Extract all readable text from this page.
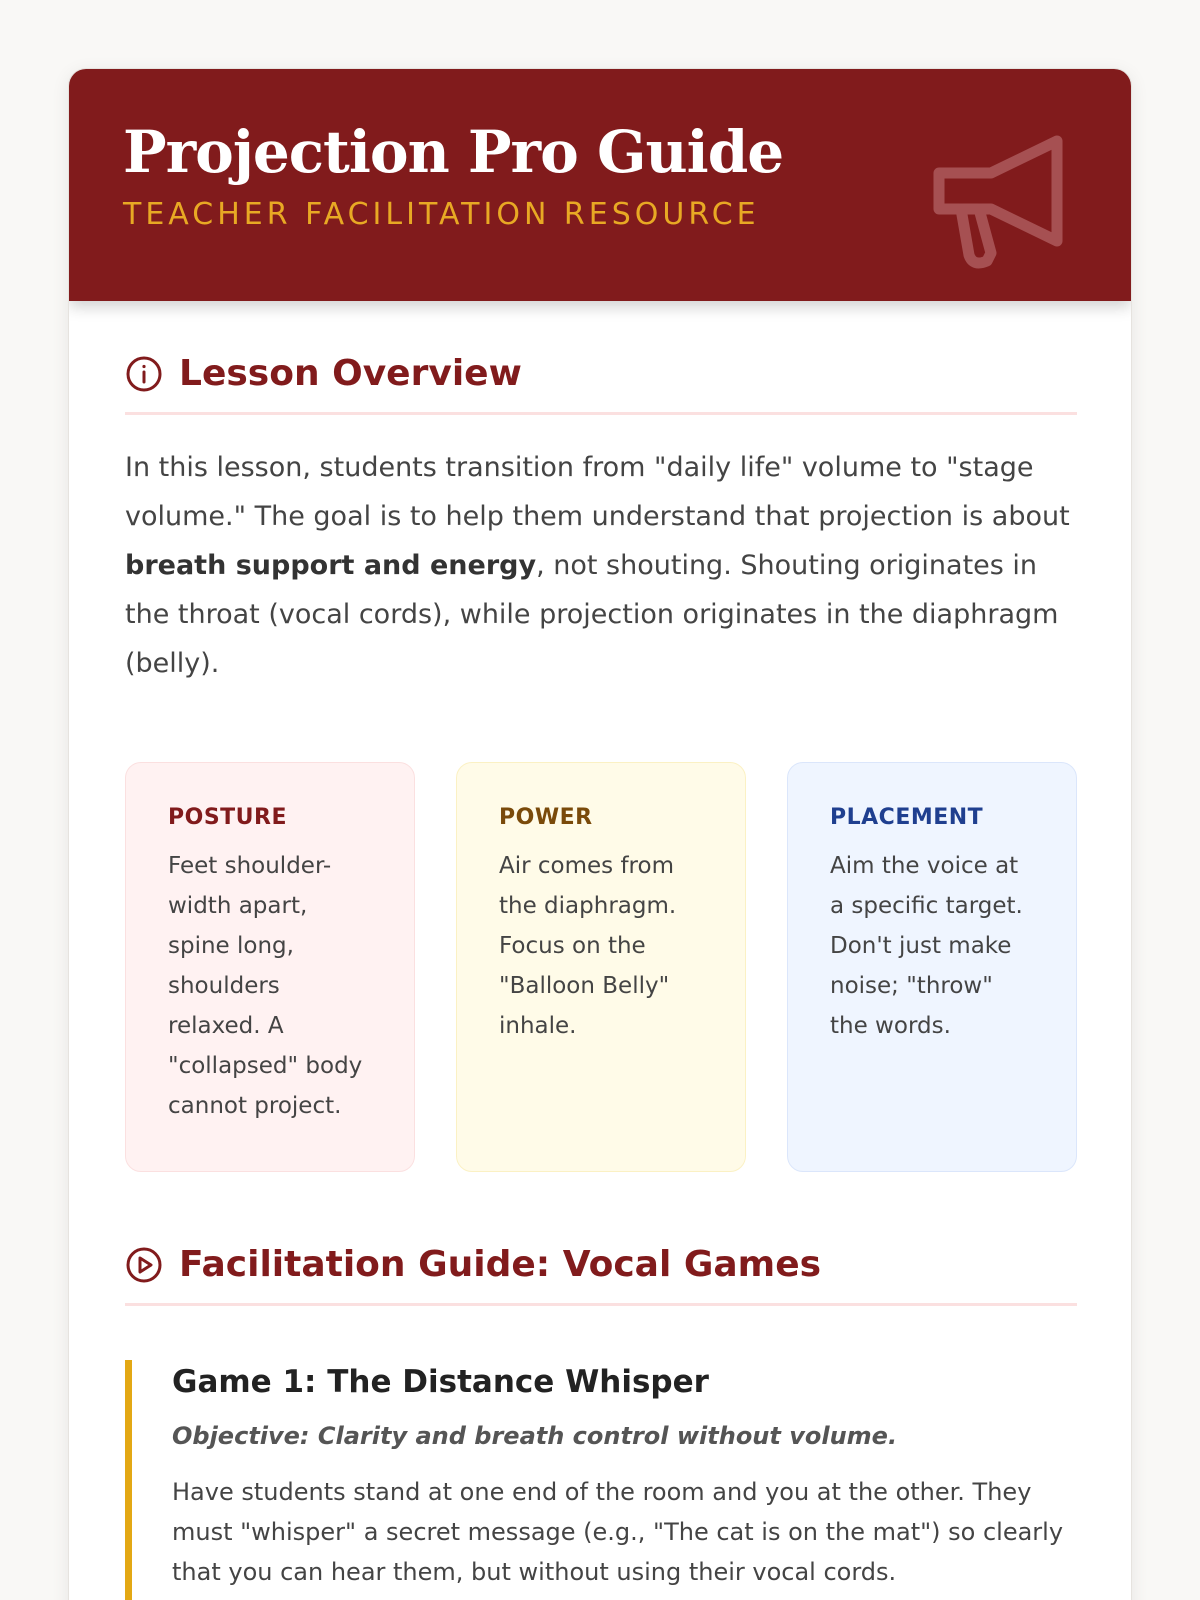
Projection Pro Guide
TEACHER FACILITATION RESOURCE
Lesson Overview

In this lesson, students transition from "daily life" volume to "stage volume." The goal is to help them understand that projection is about breath support and energy, not shouting. Shouting originates in the throat (vocal cords), while projection originates in the diaphragm (belly).

POSTURE
Feet shoulder-width apart, spine long, shoulders relaxed. A "collapsed" body cannot project.
POWER
Air comes from the diaphragm. Focus on the "Balloon Belly" inhale.
PLACEMENT
Aim the voice at a specific target. Don't just make noise; "throw" the words.
Facilitation Guide: Vocal Games
Game 1: The Distance Whisper
Objective: Clarity and breath control without volume.
Have students stand at one end of the room and you at the other. They must "whisper" a secret message (e.g., "The cat is on the mat") so clearly that you can hear them, but without using their vocal cords.
